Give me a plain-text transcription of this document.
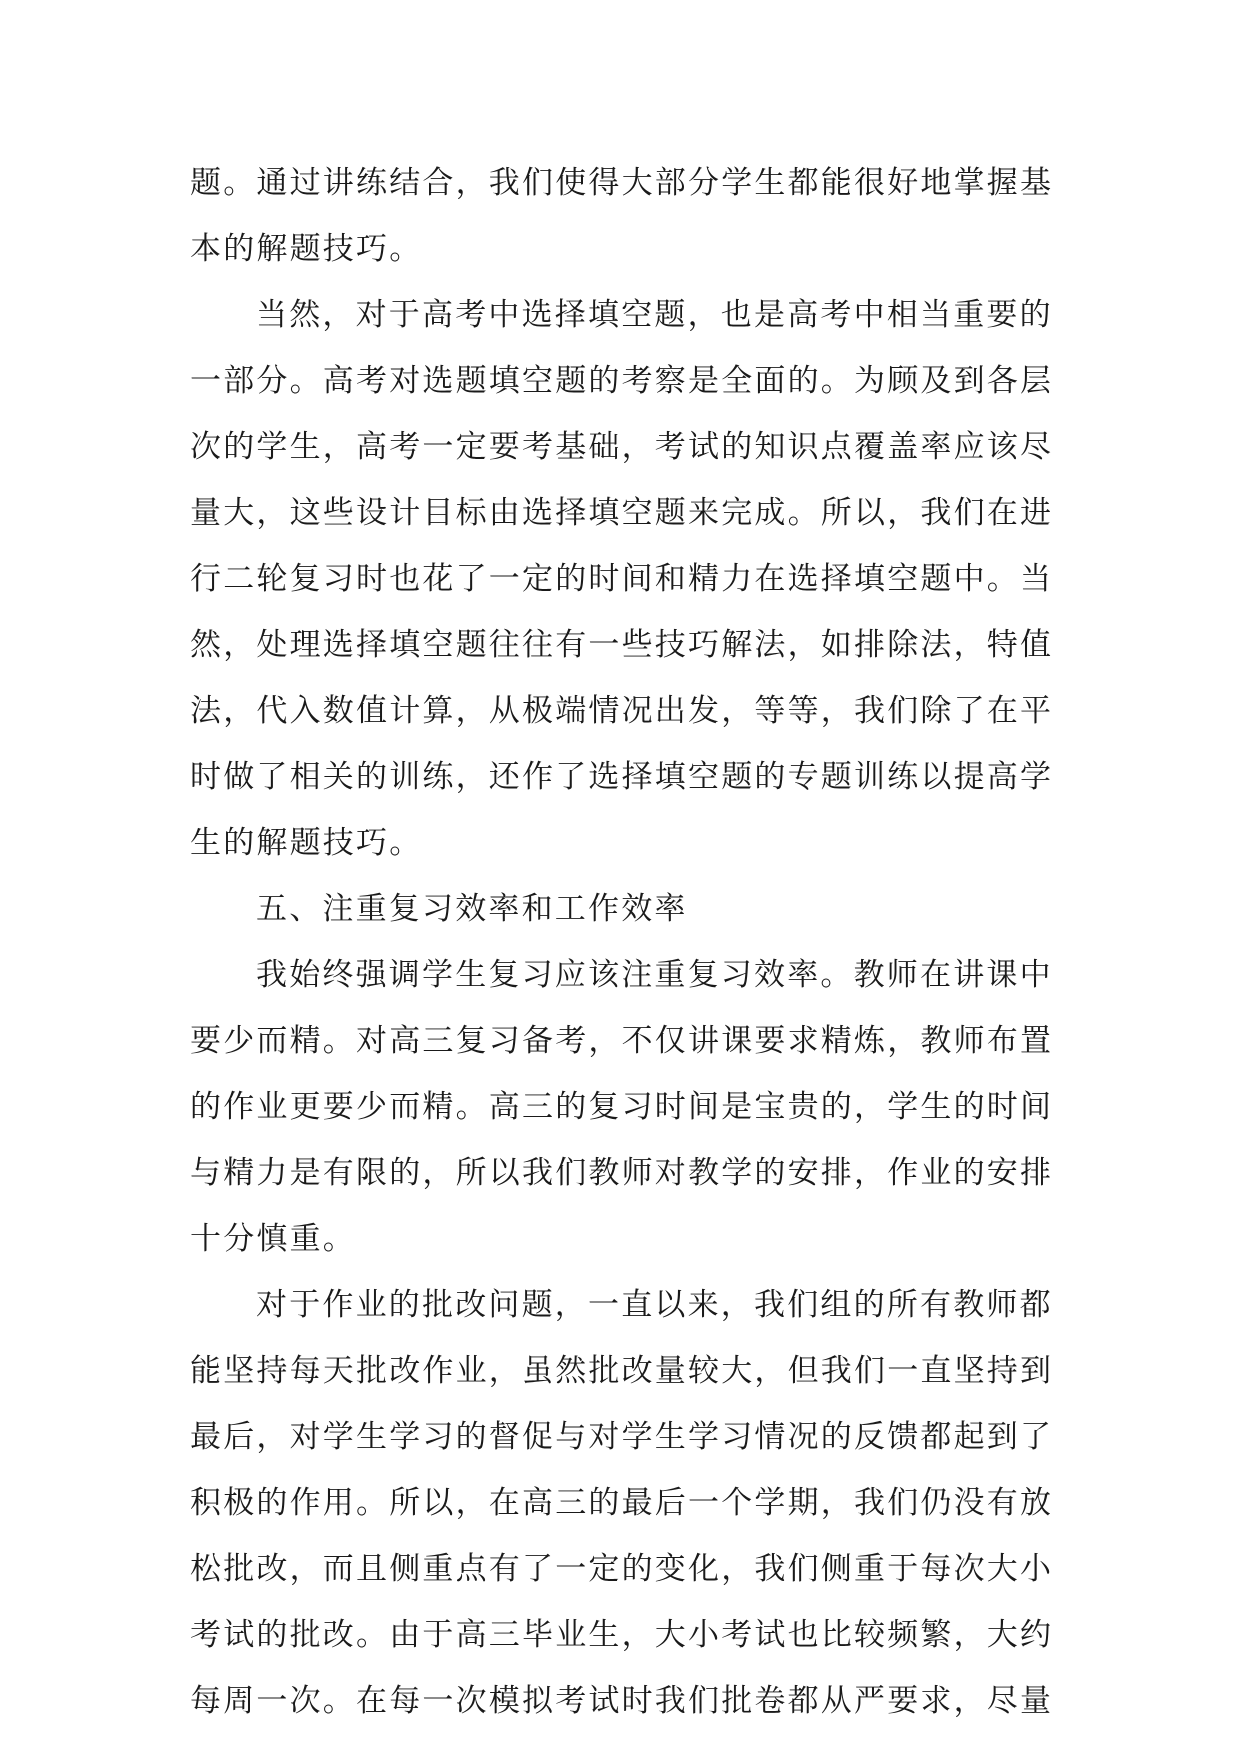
题。通过讲练结合，我们使得大部分学生都能很好地掌握基
本的解题技巧。
当然，对于高考中选择填空题，也是高考中相当重要的
一部分。高考对选题填空题的考察是全面的。为顾及到各层
次的学生，高考一定要考基础，考试的知识点覆盖率应该尽
量大，这些设计目标由选择填空题来完成。所以，我们在进
行二轮复习时也花了一定的时间和精力在选择填空题中。当
然，处理选择填空题往往有一些技巧解法，如排除法，特值
法，代入数值计算，从极端情况出发，等等，我们除了在平
时做了相关的训练，还作了选择填空题的专题训练以提高学
生的解题技巧。
五、注重复习效率和工作效率
我始终强调学生复习应该注重复习效率。教师在讲课中
要少而精。对高三复习备考，不仅讲课要求精炼，教师布置
的作业更要少而精。高三的复习时间是宝贵的，学生的时间
与精力是有限的，所以我们教师对教学的安排，作业的安排
十分慎重。
对于作业的批改问题，一直以来，我们组的所有教师都
能坚持每天批改作业，虽然批改量较大，但我们一直坚持到
最后，对学生学习的督促与对学生学习情况的反馈都起到了
积极的作用。所以，在高三的最后一个学期，我们仍没有放
松批改，而且侧重点有了一定的变化，我们侧重于每次大小
考试的批改。由于高三毕业生，大小考试也比较频繁，大约
每周一次。在每一次模拟考试时我们批卷都从严要求，尽量
